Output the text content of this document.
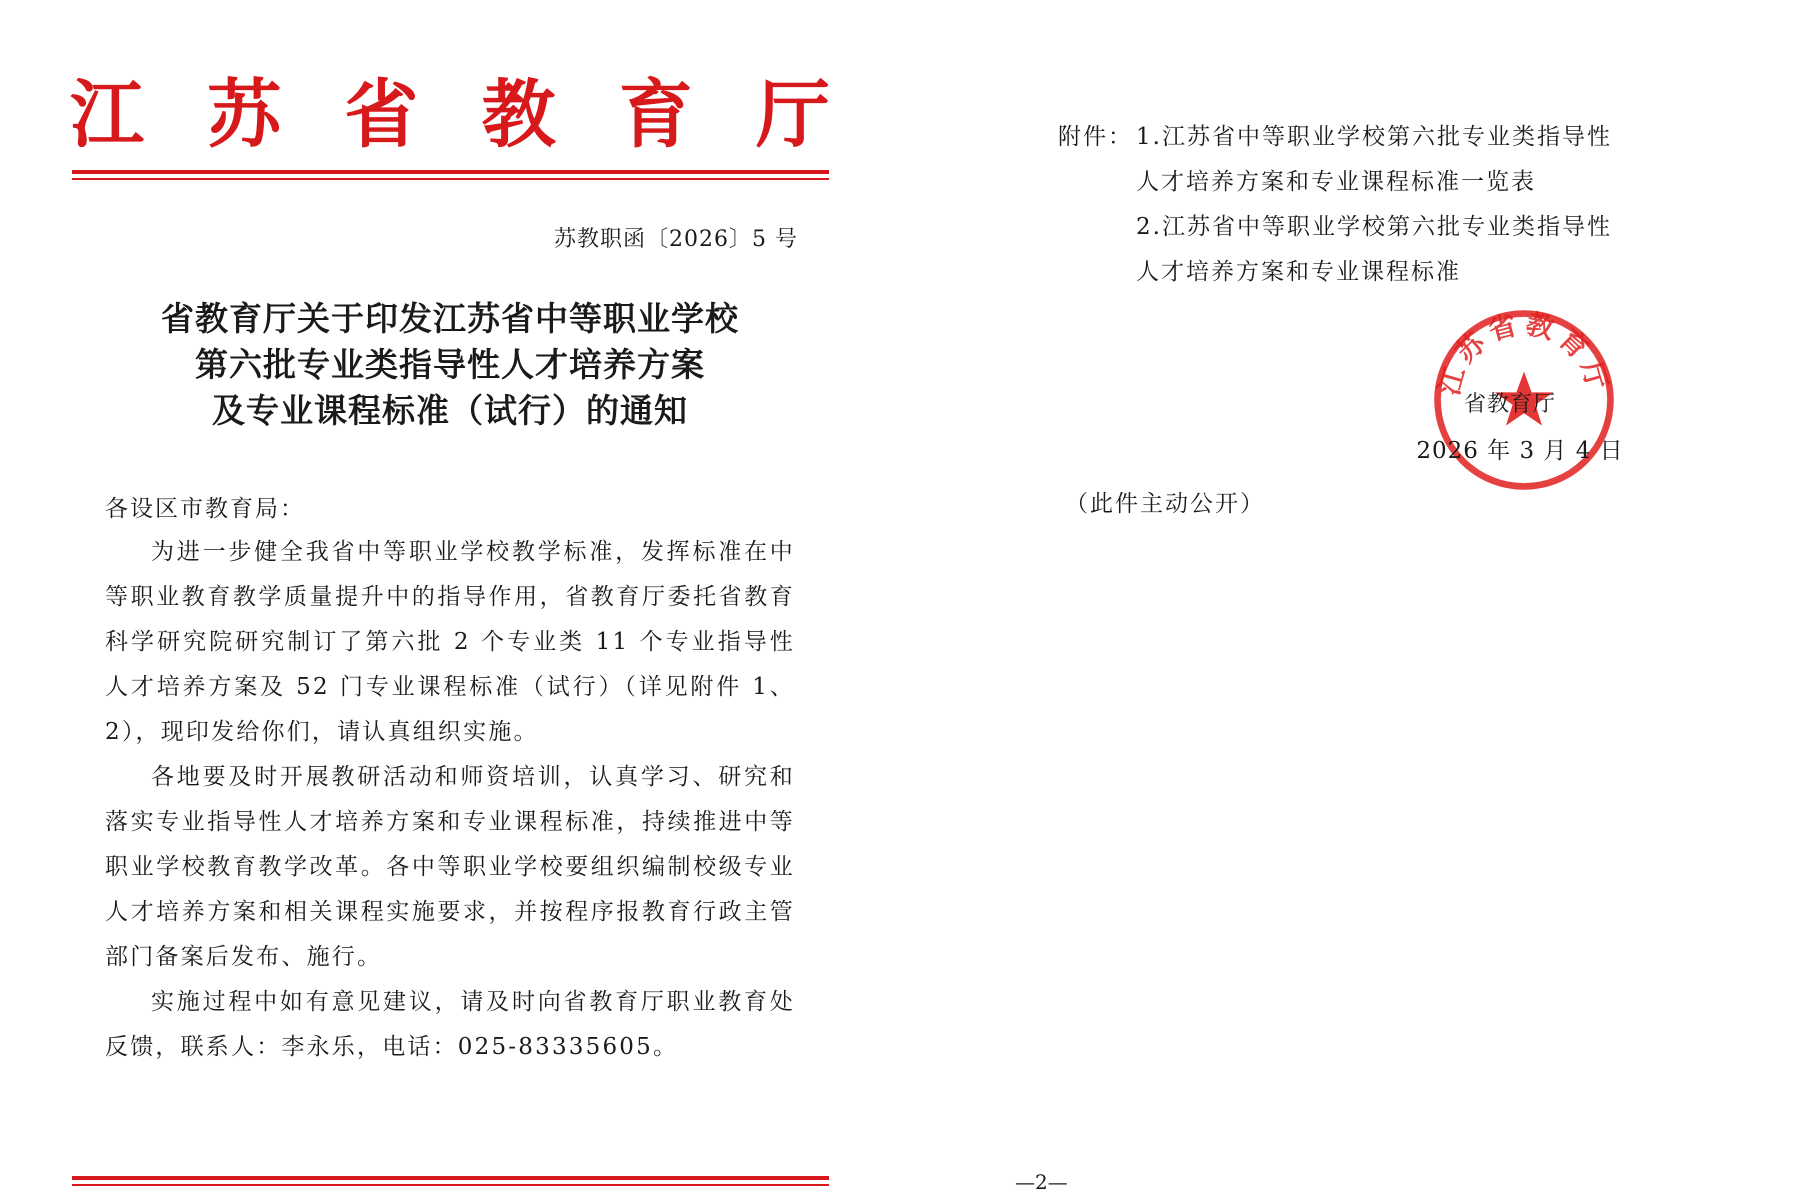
江 苏 省 教 育 厅
苏教职函〔2026〕5 号
省教育厅关于印发江苏省中等职业学校
第六批专业类指导性人才培养方案
及专业课程标准（试行）的通知
各设区市教育局：

为进一步健全我省中等职业学校教学标准，发挥标准在中等职业教育教学质量提升中的指导作用，省教育厅委托省教育科学研究院研究制订了第六批 2 个专业类 11 个专业指导性人才培养方案及 52 门专业课程标准（试行）（详见附件 1、2），现印发给你们，请认真组织实施。

各地要及时开展教研活动和师资培训，认真学习、研究和落实专业指导性人才培养方案和专业课程标准，持续推进中等职业学校教育教学改革。各中等职业学校要组织编制校级专业人才培养方案和相关课程实施要求，并按程序报教育行政主管部门备案后发布、施行。

实施过程中如有意见建议，请及时向省教育厅职业教育处反馈，联系人：李永乐，电话：025-83335605。

附件： 1.江苏省中等职业学校第六批专业类指导性人才培养方案和专业课程标准一览表
2.江苏省中等职业学校第六批专业类指导性人才培养方案和专业课程标准
江苏省教育厅
省教育厅
2026 年 3 月 4 日
（此件主动公开）
—2—
